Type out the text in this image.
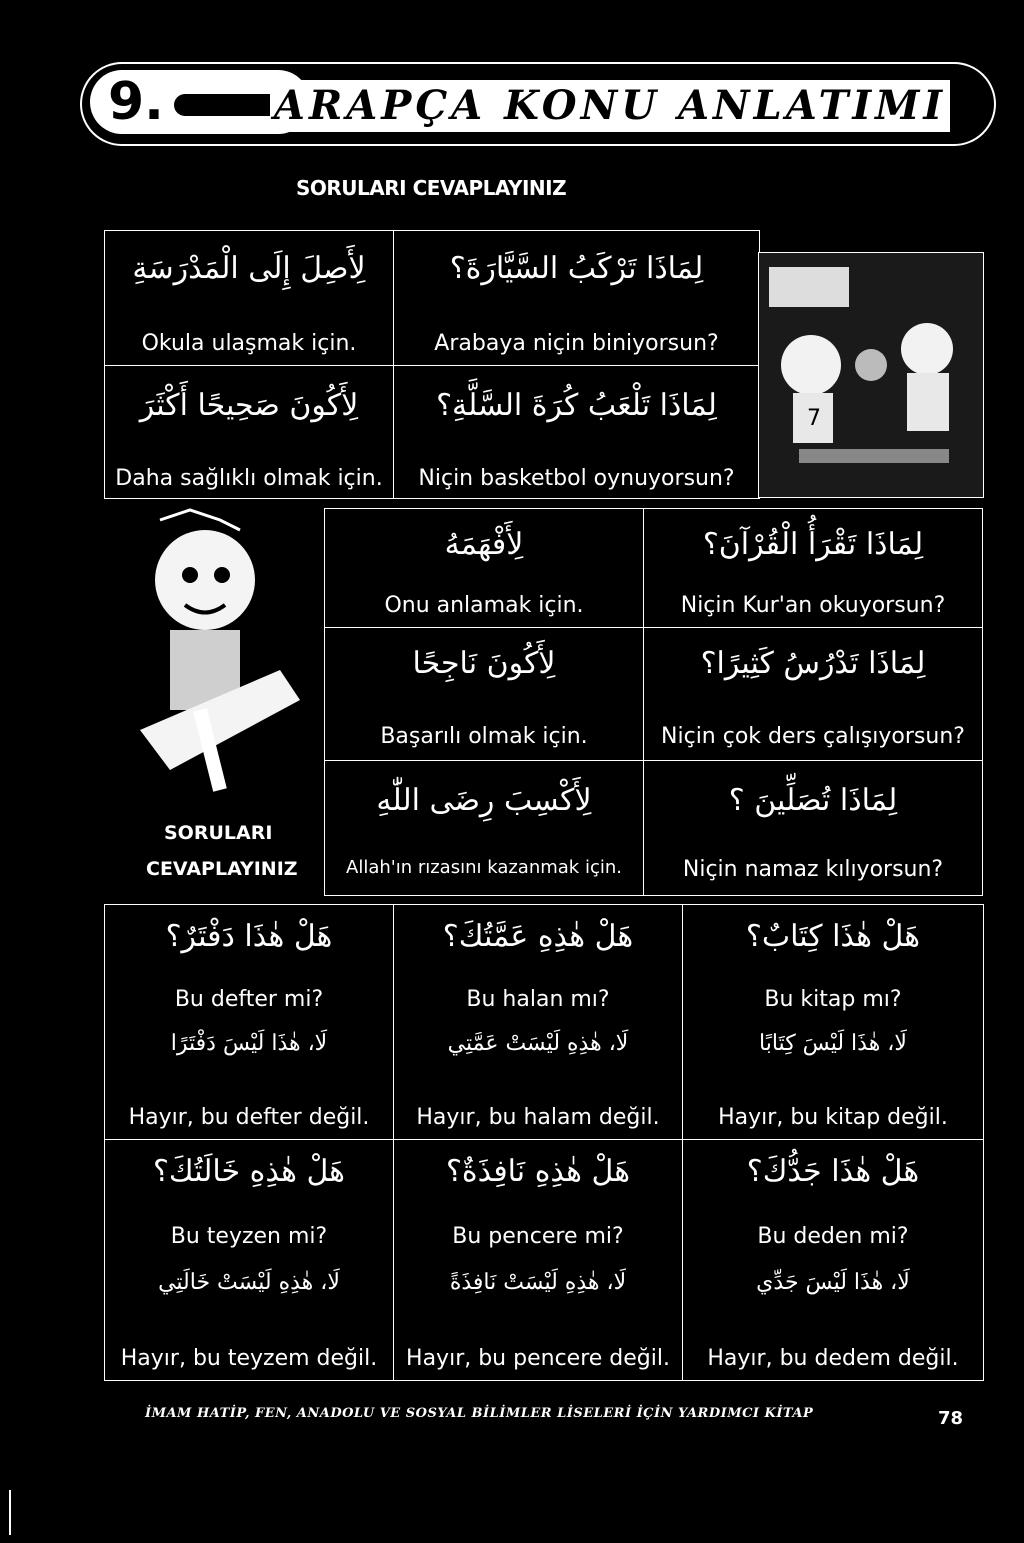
9.	ARAPÇA KONU ANLATIMI
SORULARI CEVAPLAYINIZ
لِأَصِلَ إِلَى الْمَدْرَسَةِ
Okula ulaşmak için.
لِمَاذَا تَرْكَبُ السَّيَّارَةَ؟
Arabaya niçin biniyorsun?
لِأَكُونَ صَحِيحًا أَكْثَرَ
Daha sağlıklı olmak için.
لِمَاذَا تَلْعَبُ كُرَةَ السَّلَّةِ؟
Niçin basketbol oynuyorsun?
7
لِأَفْهَمَهُ
Onu anlamak için.
لِمَاذَا تَقْرَأُ الْقُرْآنَ؟
Niçin Kur'an okuyorsun?
لِأَكُونَ نَاجِحًا
Başarılı olmak için.
لِمَاذَا تَدْرُسُ كَثِيرًا؟
Niçin çok ders çalışıyorsun?
لِأَكْسِبَ رِضَى اللّٰهِ
Allah'ın rızasını kazanmak için.
لِمَاذَا تُصَلِّينَ ؟
Niçin namaz kılıyorsun?
SORULARI
CEVAPLAYINIZ
هَلْ هٰذَا دَفْتَرٌ؟
Bu defter mi?
لَا، هٰذَا لَيْسَ دَفْتَرًا
Hayır, bu defter değil.
هَلْ هٰذِهِ عَمَّتُكَ؟
Bu halan mı?
لَا، هٰذِهِ لَيْسَتْ عَمَّتِي
Hayır, bu halam değil.
هَلْ هٰذَا كِتَابٌ؟
Bu kitap mı?
لَا، هٰذَا لَيْسَ كِتَابًا
Hayır, bu kitap değil.
هَلْ هٰذِهِ خَالَتُكَ؟
Bu teyzen mi?
لَا، هٰذِهِ لَيْسَتْ خَالَتِي
Hayır, bu teyzem değil.
هَلْ هٰذِهِ نَافِذَةٌ؟
Bu pencere mi?
لَا، هٰذِهِ لَيْسَتْ نَافِذَةً
Hayır, bu pencere değil.
هَلْ هٰذَا جَدُّكَ؟
Bu deden mi?
لَا، هٰذَا لَيْسَ جَدِّي
Hayır, bu dedem değil.
İMAM HATİP, FEN, ANADOLU VE SOSYAL BİLİMLER LİSELERİ İÇİN YARDIMCI KİTAP	78
